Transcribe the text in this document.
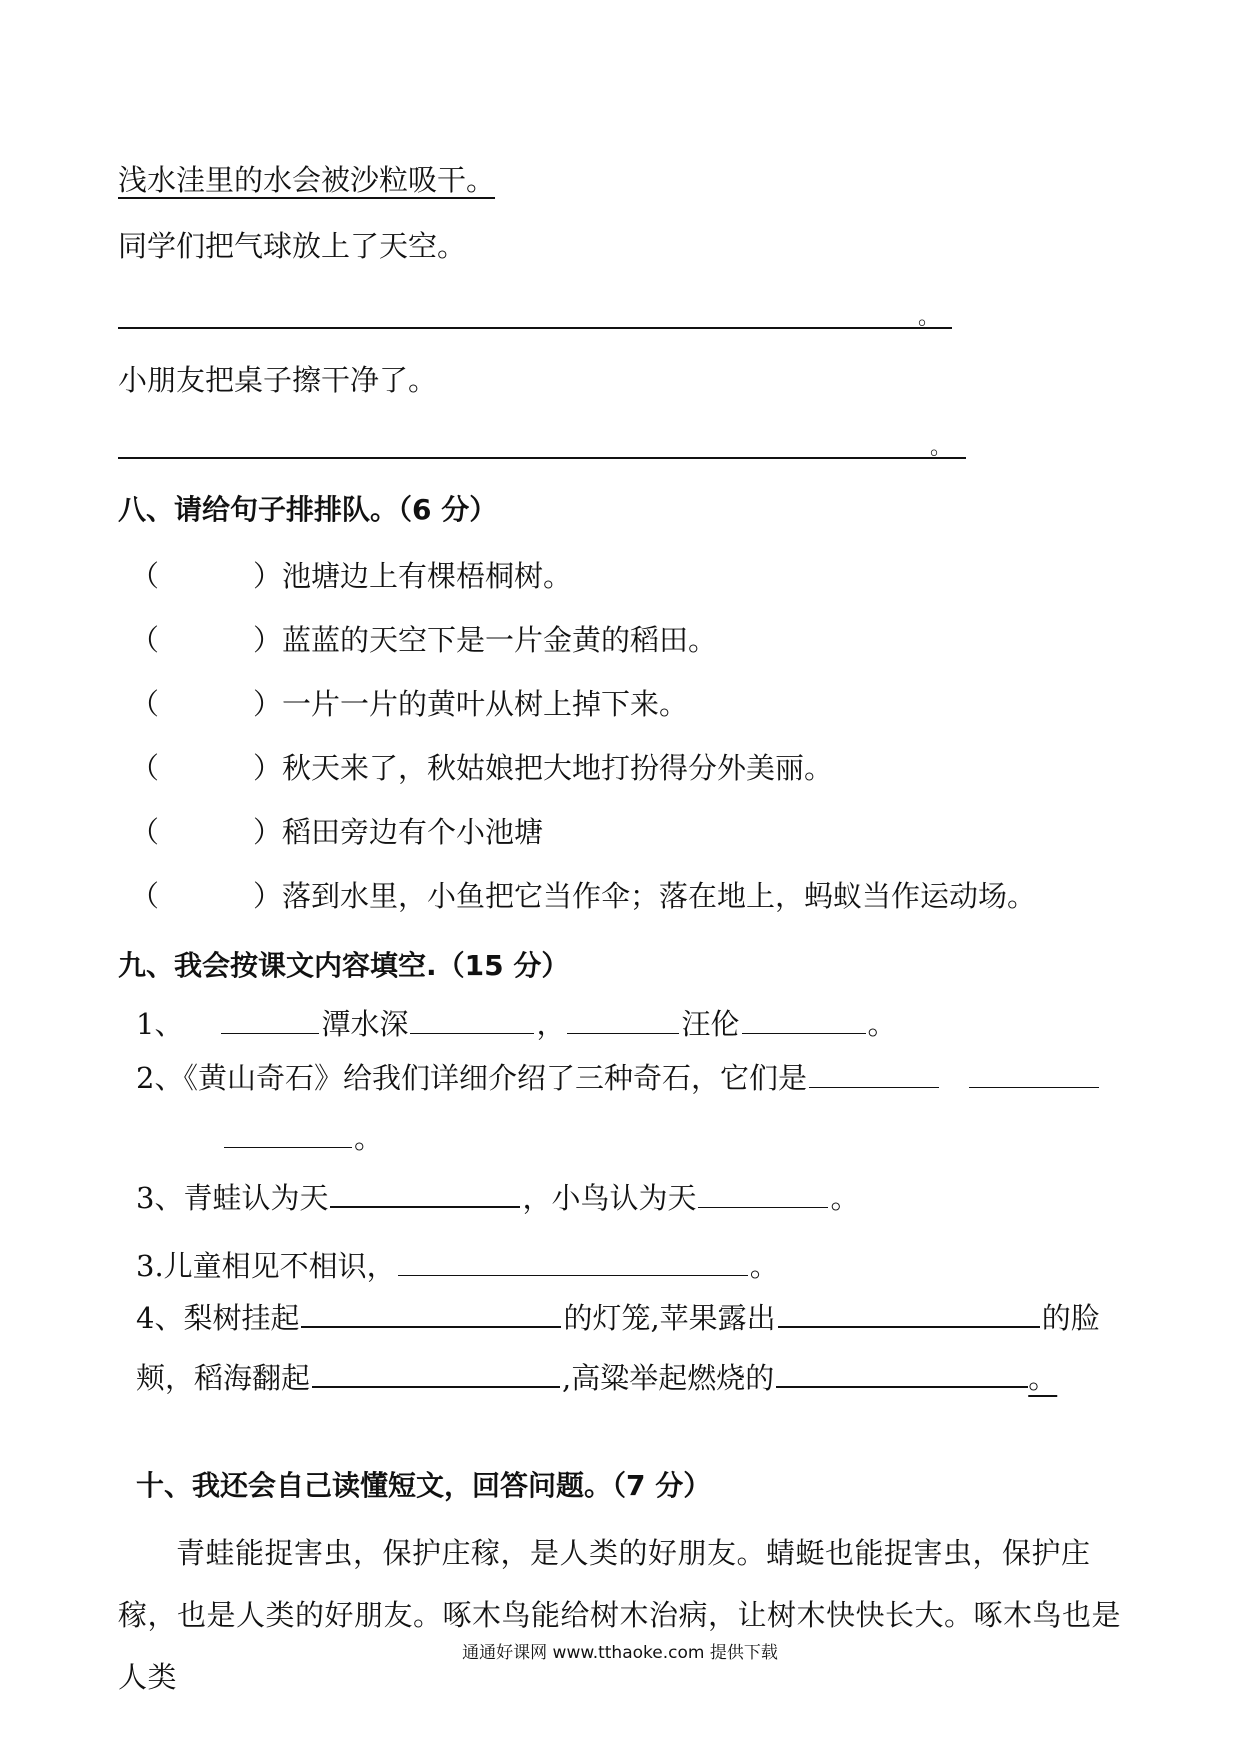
浅水洼里的水会被沙粒吸干。
同学们把气球放上了天空。
。
小朋友把桌子擦干净了。
。
八、请给句子排排队。（6 分）
（	）池塘边上有棵梧桐树。
（	）蓝蓝的天空下是一片金黄的稻田。
（	）一片一片的黄叶从树上掉下来。
（	）秋天来了，秋姑娘把大地打扮得分外美丽。
（	）稻田旁边有个小池塘
（	）落到水里，小鱼把它当作伞；落在地上，蚂蚁当作运动场。
九、我会按课文内容填空.（15 分）
1、	潭水深	，	汪伦	。
2、《黄山奇石》给我们详细介绍了三种奇石，它们是
。
3、青蛙认为天	，小鸟认为天	。
3.儿童相见不相识，	。
4、梨树挂起	的灯笼,苹果露出	的脸
颊，稻海翻起	,高粱举起燃烧的	。
十、我还会自己读懂短文，回答问题。（7 分）
青蛙能捉害虫，保护庄稼，是人类的好朋友。蜻蜓也能捉害虫，保护庄稼，也是人类的好朋友。啄木鸟能给树木治病，让树木快快长大。啄木鸟也是人类
通通好课网 www.tthaoke.com 提供下载
